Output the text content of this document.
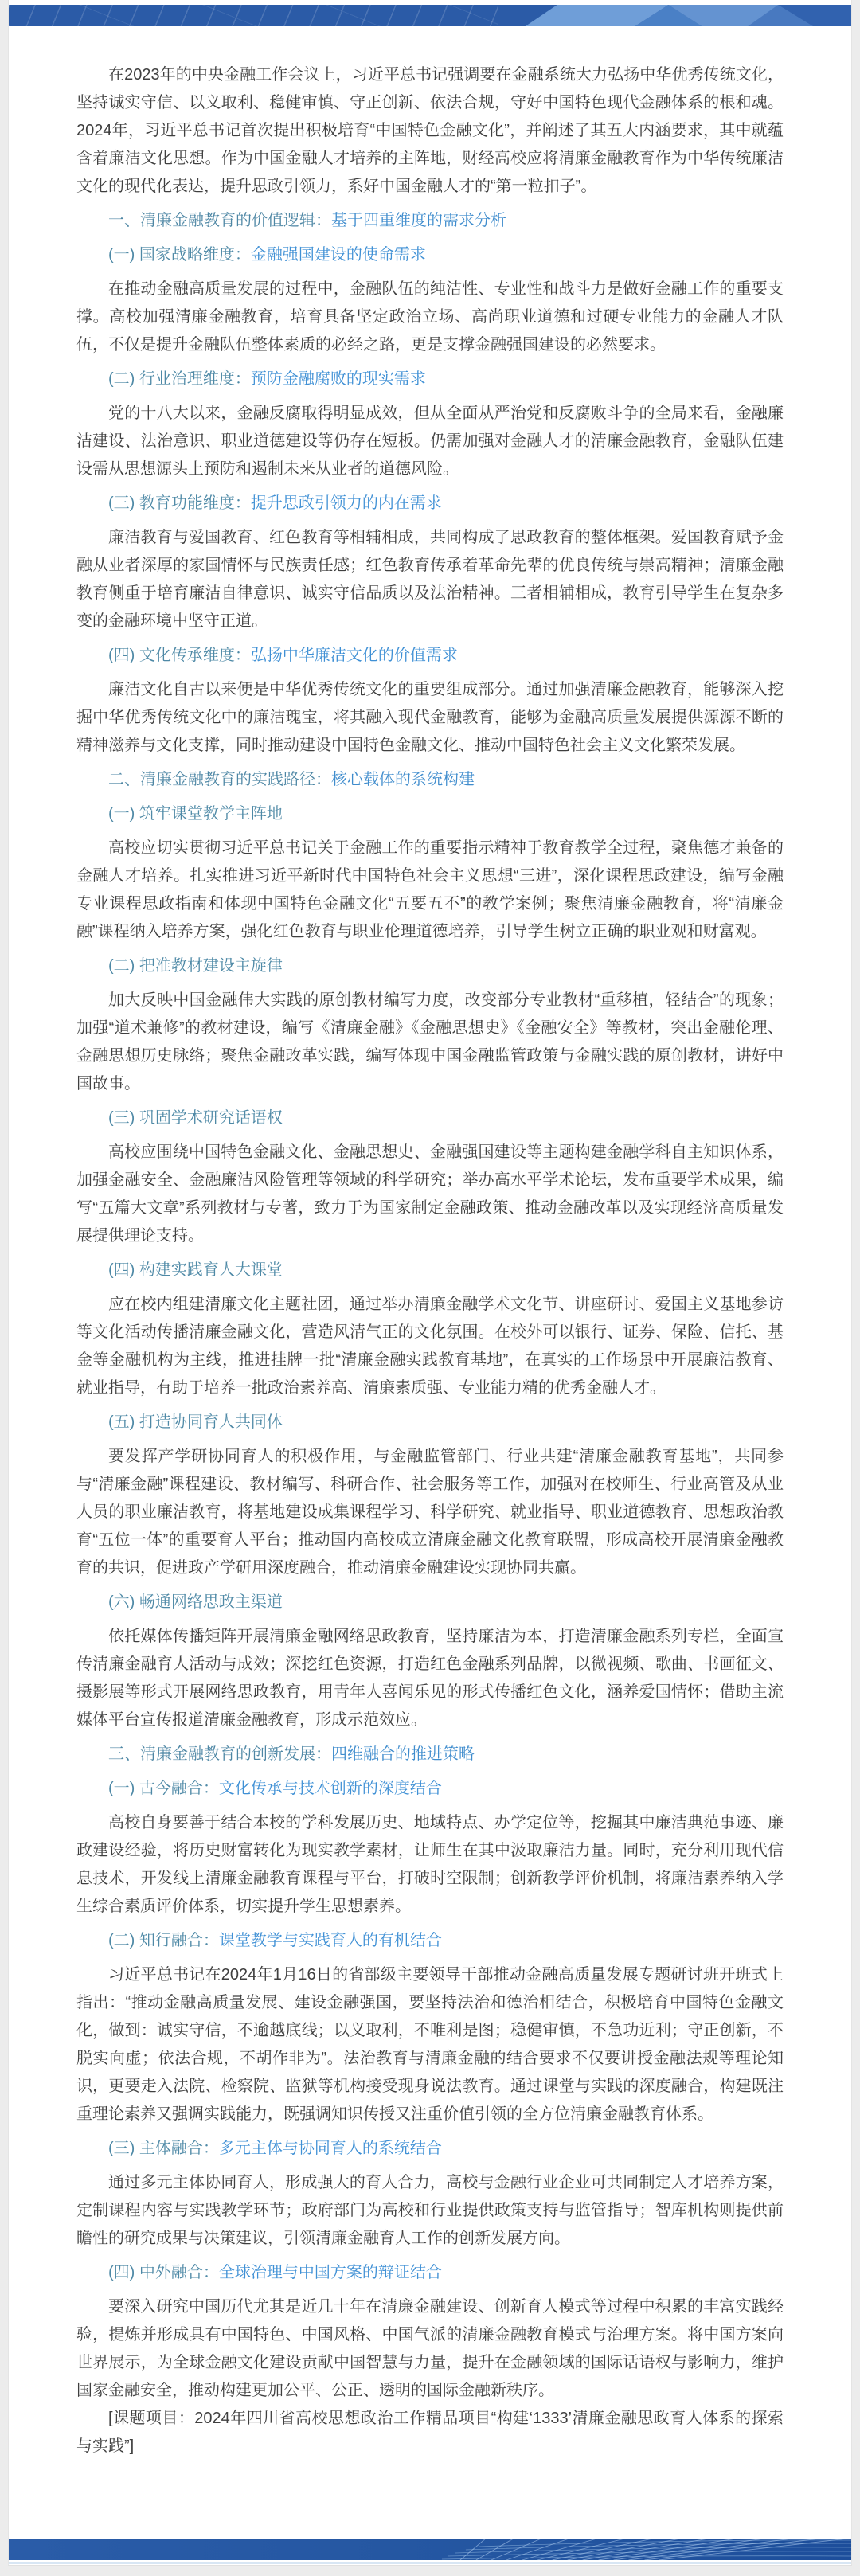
在2023年的中央金融工作会议上，习近平总书记强调要在金融系统大力弘扬中华优秀传统文化，坚持诚实守信、以义取利、稳健审慎、守正创新、依法合规，守好中国特色现代金融体系的根和魂。2024年，习近平总书记首次提出积极培育“中国特色金融文化”，并阐述了其五大内涵要求，其中就蕴含着廉洁文化思想。作为中国金融人才培养的主阵地，财经高校应将清廉金融教育作为中华传统廉洁文化的现代化表达，提升思政引领力，系好中国金融人才的“第一粒扣子”。

一、清廉金融教育的价值逻辑：基于四重维度的需求分析
(一) 国家战略维度：金融强国建设的使命需求

在推动金融高质量发展的过程中，金融队伍的纯洁性、专业性和战斗力是做好金融工作的重要支撑。高校加强清廉金融教育，培育具备坚定政治立场、高尚职业道德和过硬专业能力的金融人才队伍，不仅是提升金融队伍整体素质的必经之路，更是支撑金融强国建设的必然要求。

(二) 行业治理维度：预防金融腐败的现实需求

党的十八大以来，金融反腐取得明显成效，但从全面从严治党和反腐败斗争的全局来看，金融廉洁建设、法治意识、职业道德建设等仍存在短板。仍需加强对金融人才的清廉金融教育，金融队伍建设需从思想源头上预防和遏制未来从业者的道德风险。

(三) 教育功能维度：提升思政引领力的内在需求

廉洁教育与爱国教育、红色教育等相辅相成，共同构成了思政教育的整体框架。爱国教育赋予金融从业者深厚的家国情怀与民族责任感；红色教育传承着革命先辈的优良传统与崇高精神；清廉金融教育侧重于培育廉洁自律意识、诚实守信品质以及法治精神。三者相辅相成，教育引导学生在复杂多变的金融环境中坚守正道。

(四) 文化传承维度：弘扬中华廉洁文化的价值需求

廉洁文化自古以来便是中华优秀传统文化的重要组成部分。通过加强清廉金融教育，能够深入挖掘中华优秀传统文化中的廉洁瑰宝，将其融入现代金融教育，能够为金融高质量发展提供源源不断的精神滋养与文化支撑，同时推动建设中国特色金融文化、推动中国特色社会主义文化繁荣发展。

二、清廉金融教育的实践路径：核心载体的系统构建
(一) 筑牢课堂教学主阵地

高校应切实贯彻习近平总书记关于金融工作的重要指示精神于教育教学全过程，聚焦德才兼备的金融人才培养。扎实推进习近平新时代中国特色社会主义思想“三进”，深化课程思政建设，编写金融专业课程思政指南和体现中国特色金融文化“五要五不”的教学案例；聚焦清廉金融教育，将“清廉金融”课程纳入培养方案，强化红色教育与职业伦理道德培养，引导学生树立正确的职业观和财富观。

(二) 把准教材建设主旋律

加大反映中国金融伟大实践的原创教材编写力度，改变部分专业教材“重移植，轻结合”的现象；加强“道术兼修”的教材建设，编写《清廉金融》《金融思想史》《金融安全》等教材，突出金融伦理、金融思想历史脉络；聚焦金融改革实践，编写体现中国金融监管政策与金融实践的原创教材，讲好中国故事。

(三) 巩固学术研究话语权

高校应围绕中国特色金融文化、金融思想史、金融强国建设等主题构建金融学科自主知识体系，加强金融安全、金融廉洁风险管理等领域的科学研究；举办高水平学术论坛，发布重要学术成果，编写“五篇大文章”系列教材与专著，致力于为国家制定金融政策、推动金融改革以及实现经济高质量发展提供理论支持。

(四) 构建实践育人大课堂

应在校内组建清廉文化主题社团，通过举办清廉金融学术文化节、讲座研讨、爱国主义基地参访等文化活动传播清廉金融文化，营造风清气正的文化氛围。在校外可以银行、证券、保险、信托、基金等金融机构为主线，推进挂牌一批“清廉金融实践教育基地”，在真实的工作场景中开展廉洁教育、就业指导，有助于培养一批政治素养高、清廉素质强、专业能力精的优秀金融人才。

(五) 打造协同育人共同体

要发挥产学研协同育人的积极作用，与金融监管部门、行业共建“清廉金融教育基地”，共同参与“清廉金融”课程建设、教材编写、科研合作、社会服务等工作，加强对在校师生、行业高管及从业人员的职业廉洁教育，将基地建设成集课程学习、科学研究、就业指导、职业道德教育、思想政治教育“五位一体”的重要育人平台；推动国内高校成立清廉金融文化教育联盟，形成高校开展清廉金融教育的共识，促进政产学研用深度融合，推动清廉金融建设实现协同共赢。

(六) 畅通网络思政主渠道

依托媒体传播矩阵开展清廉金融网络思政教育，坚持廉洁为本，打造清廉金融系列专栏，全面宣传清廉金融育人活动与成效；深挖红色资源，打造红色金融系列品牌，以微视频、歌曲、书画征文、摄影展等形式开展网络思政教育，用青年人喜闻乐见的形式传播红色文化，涵养爱国情怀；借助主流媒体平台宣传报道清廉金融教育，形成示范效应。

三、清廉金融教育的创新发展：四维融合的推进策略
(一) 古今融合：文化传承与技术创新的深度结合

高校自身要善于结合本校的学科发展历史、地域特点、办学定位等，挖掘其中廉洁典范事迹、廉政建设经验，将历史财富转化为现实教学素材，让师生在其中汲取廉洁力量。同时，充分利用现代信息技术，开发线上清廉金融教育课程与平台，打破时空限制；创新教学评价机制，将廉洁素养纳入学生综合素质评价体系，切实提升学生思想素养。

(二) 知行融合：课堂教学与实践育人的有机结合

习近平总书记在2024年1月16日的省部级主要领导干部推动金融高质量发展专题研讨班开班式上指出：“推动金融高质量发展、建设金融强国，要坚持法治和德治相结合，积极培育中国特色金融文化，做到：诚实守信，不逾越底线；以义取利，不唯利是图；稳健审慎，不急功近利；守正创新，不脱实向虚；依法合规，不胡作非为”。法治教育与清廉金融的结合要求不仅要讲授金融法规等理论知识，更要走入法院、检察院、监狱等机构接受现身说法教育。通过课堂与实践的深度融合，构建既注重理论素养又强调实践能力，既强调知识传授又注重价值引领的全方位清廉金融教育体系。

(三) 主体融合：多元主体与协同育人的系统结合

通过多元主体协同育人，形成强大的育人合力，高校与金融行业企业可共同制定人才培养方案，定制课程内容与实践教学环节；政府部门为高校和行业提供政策支持与监管指导；智库机构则提供前瞻性的研究成果与决策建议，引领清廉金融育人工作的创新发展方向。

(四) 中外融合：全球治理与中国方案的辩证结合

要深入研究中国历代尤其是近几十年在清廉金融建设、创新育人模式等过程中积累的丰富实践经验，提炼并形成具有中国特色、中国风格、中国气派的清廉金融教育模式与治理方案。将中国方案向世界展示，为全球金融文化建设贡献中国智慧与力量，提升在金融领域的国际话语权与影响力，维护国家金融安全，推动构建更加公平、公正、透明的国际金融新秩序。

[课题项目：2024年四川省高校思想政治工作精品项目“构建‘1333’清廉金融思政育人体系的探索与实践”]
